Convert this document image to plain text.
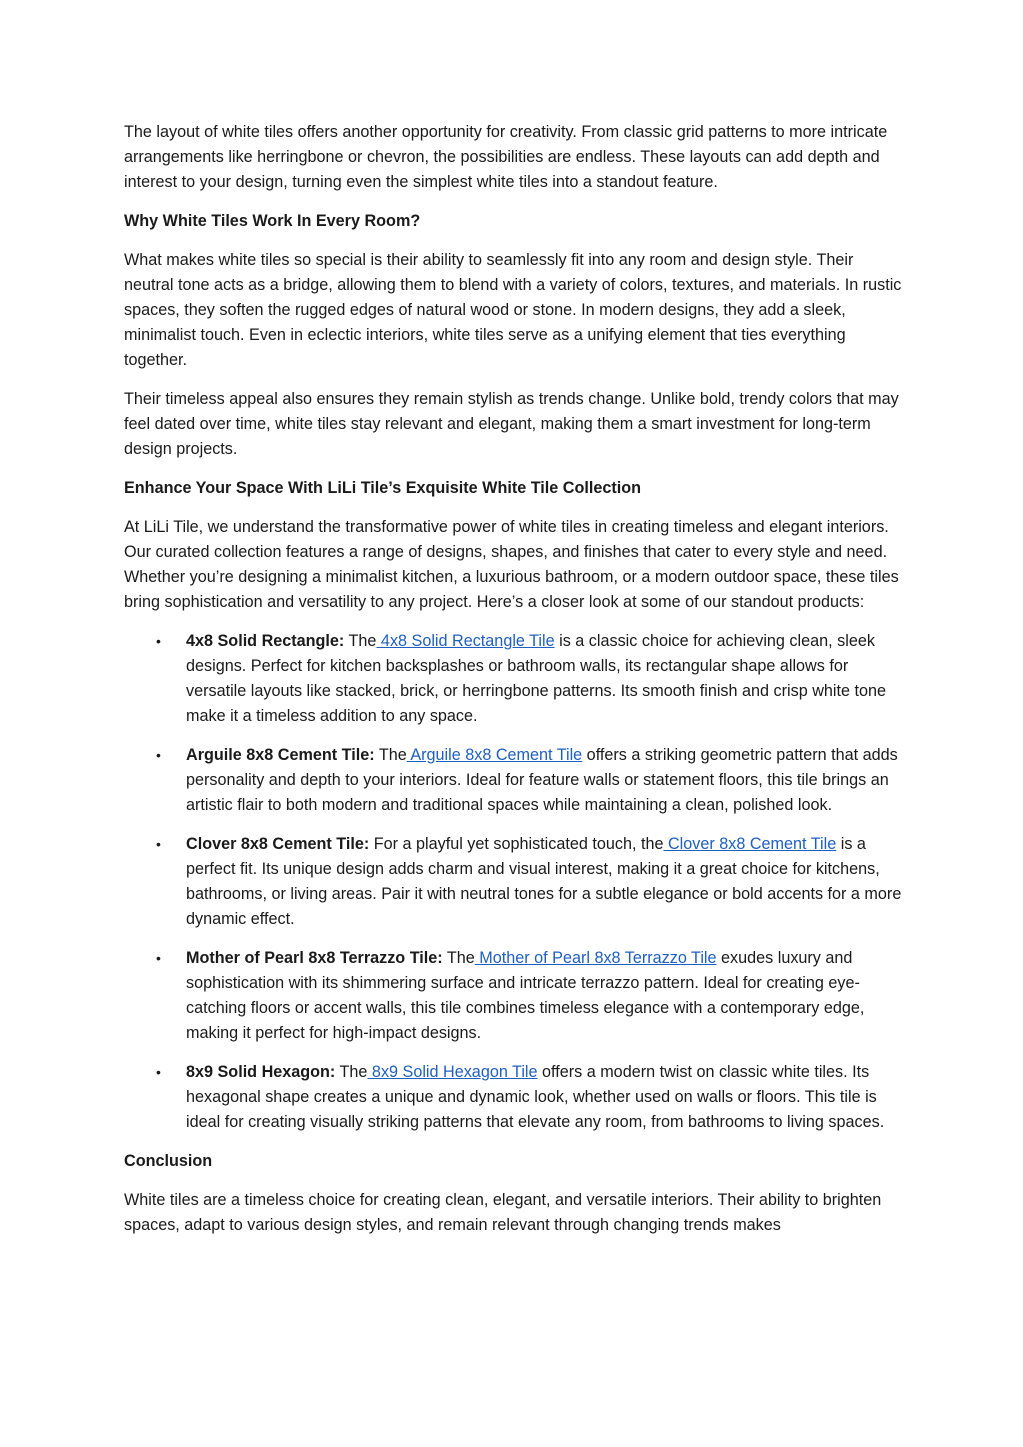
The layout of white tiles offers another opportunity for creativity. From classic grid patterns to more intricate arrangements like herringbone or chevron, the possibilities are endless. These layouts can add depth and interest to your design, turning even the simplest white tiles into a standout feature.

Why White Tiles Work In Every Room?

What makes white tiles so special is their ability to seamlessly fit into any room and design style. Their neutral tone acts as a bridge, allowing them to blend with a variety of colors, textures, and materials. In rustic spaces, they soften the rugged edges of natural wood or stone. In modern designs, they add a sleek, minimalist touch. Even in eclectic interiors, white tiles serve as a unifying element that ties everything together.

Their timeless appeal also ensures they remain stylish as trends change. Unlike bold, trendy colors that may feel dated over time, white tiles stay relevant and elegant, making them a smart investment for long-term design projects.

Enhance Your Space With LiLi Tile’s Exquisite White Tile Collection

At LiLi Tile, we understand the transformative power of white tiles in creating timeless and elegant interiors. Our curated collection features a range of designs, shapes, and finishes that cater to every style and need. Whether you’re designing a minimalist kitchen, a luxurious bathroom, or a modern outdoor space, these tiles bring sophistication and versatility to any project. Here’s a closer look at some of our standout products:

• 4x8 Solid Rectangle: The 4x8 Solid Rectangle Tile is a classic choice for achieving clean, sleek designs. Perfect for kitchen backsplashes or bathroom walls, its rectangular shape allows for versatile layouts like stacked, brick, or herringbone patterns. Its smooth finish and crisp white tone make it a timeless addition to any space.
• Arguile 8x8 Cement Tile: The Arguile 8x8 Cement Tile offers a striking geometric pattern that adds personality and depth to your interiors. Ideal for feature walls or statement floors, this tile brings an artistic flair to both modern and traditional spaces while maintaining a clean, polished look.
• Clover 8x8 Cement Tile: For a playful yet sophisticated touch, the Clover 8x8 Cement Tile is a perfect fit. Its unique design adds charm and visual interest, making it a great choice for kitchens, bathrooms, or living areas. Pair it with neutral tones for a subtle elegance or bold accents for a more dynamic effect.
• Mother of Pearl 8x8 Terrazzo Tile: The Mother of Pearl 8x8 Terrazzo Tile exudes luxury and sophistication with its shimmering surface and intricate terrazzo pattern. Ideal for creating eye-catching floors or accent walls, this tile combines timeless elegance with a contemporary edge, making it perfect for high-impact designs.
• 8x9 Solid Hexagon: The 8x9 Solid Hexagon Tile offers a modern twist on classic white tiles. Its hexagonal shape creates a unique and dynamic look, whether used on walls or floors. This tile is ideal for creating visually striking patterns that elevate any room, from bathrooms to living spaces.

Conclusion

White tiles are a timeless choice for creating clean, elegant, and versatile interiors. Their ability to brighten spaces, adapt to various design styles, and remain relevant through changing trends makes
